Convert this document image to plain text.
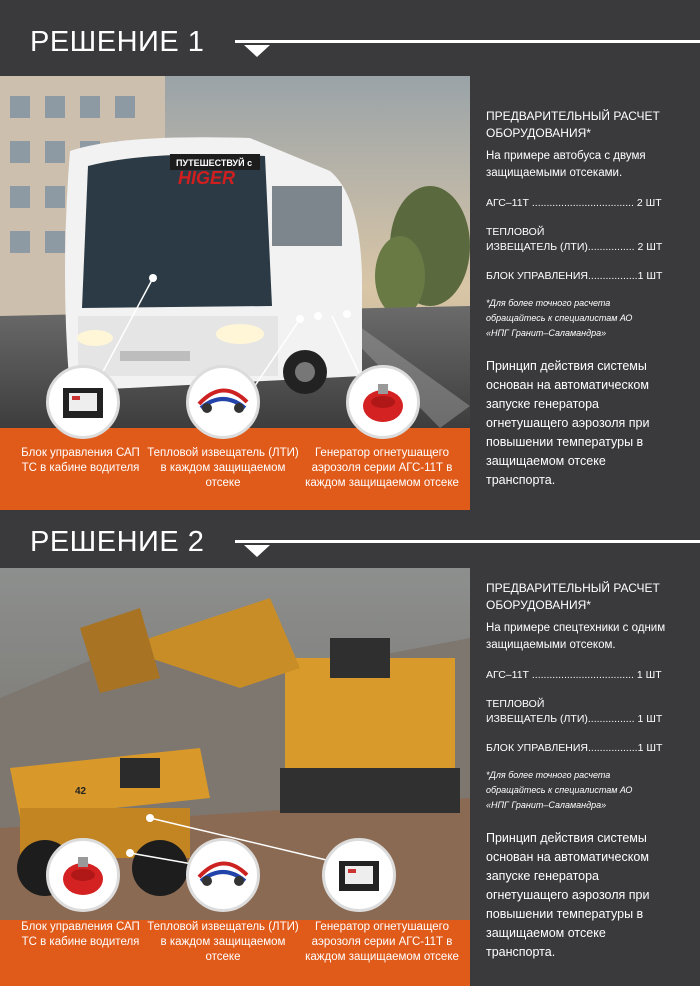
РЕШЕНИЕ 1
ПУТЕШЕСТВУЙ с
HIGER
Блок управления САП ТС в кабине водителя
Тепловой извещатель (ЛТИ) в каждом защищаемом отсеке
Генератор огнетушащего аэрозоля серии АГС-11Т в каждом защищаемом отсеке
ПРЕДВАРИТЕЛЬНЫЙ РАСЧЕТ ОБОРУДОВАНИЯ*
На примере автобуса с двумя защищаемыми отсеками.
АГС–11Т ................................... 2 ШТ
ТЕПЛОВОЙ
ИЗВЕЩАТЕЛЬ (ЛТИ)................ 2 ШТ
БЛОК УПРАВЛЕНИЯ.................1 ШТ
*Для более точного расчета обращайтесь к специалистам АО «НПГ Гранит–Саламандра»
Принцип действия системы основан на автоматическом запуске генератора огнетушащего аэрозоля при повышении температуры в защищаемом отсеке транспорта.
РЕШЕНИЕ 2
42
Блок управления САП ТС в кабине водителя
Тепловой извещатель (ЛТИ) в каждом защищаемом отсеке
Генератор огнетушащего аэрозоля серии АГС-11Т в каждом защищаемом отсеке
ПРЕДВАРИТЕЛЬНЫЙ РАСЧЕТ ОБОРУДОВАНИЯ*
На примере спецтехники с одним защищаемыми отсеком.
АГС–11Т ................................... 1 ШТ
ТЕПЛОВОЙ
ИЗВЕЩАТЕЛЬ (ЛТИ)................ 1 ШТ
БЛОК УПРАВЛЕНИЯ.................1 ШТ
*Для более точного расчета обращайтесь к специалистам АО «НПГ Гранит–Саламандра»
Принцип действия системы основан на автоматическом запуске генератора огнетушащего аэрозоля при повышении температуры в защищаемом отсеке транспорта.
